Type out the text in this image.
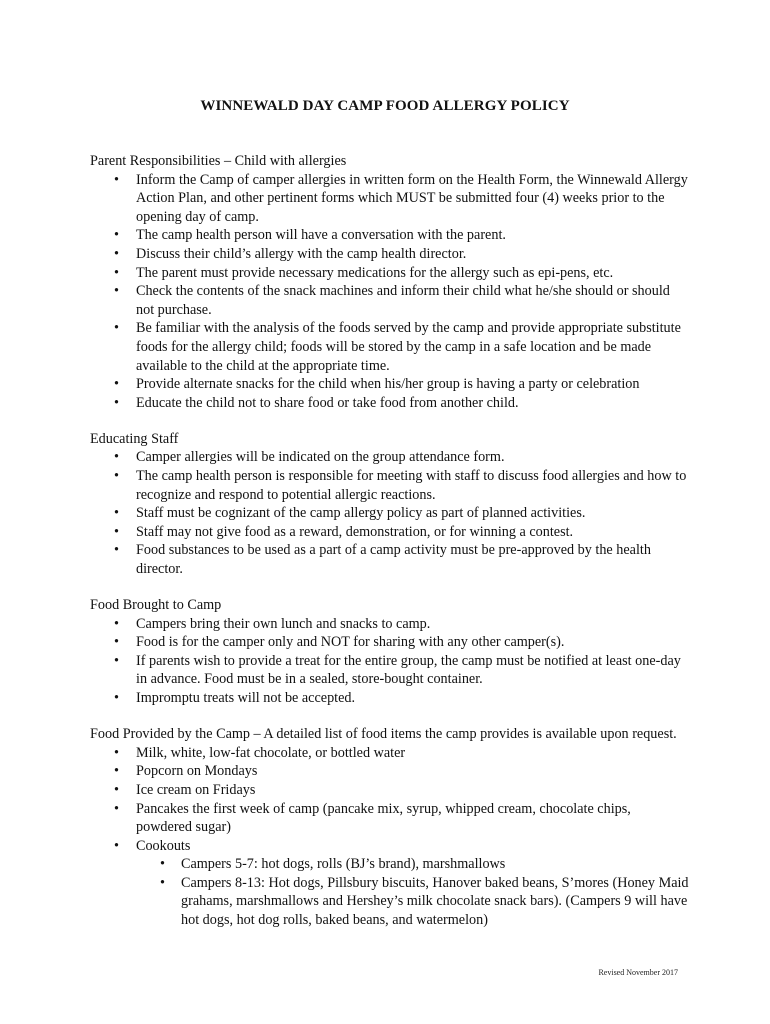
WINNEWALD DAY CAMP FOOD ALLERGY POLICY
Parent Responsibilities – Child with allergies
• Inform the Camp of camper allergies in written form on the Health Form, the Winnewald Allergy Action Plan, and other pertinent forms which MUST be submitted four (4) weeks prior to the opening day of camp.
• The camp health person will have a conversation with the parent.
• Discuss their child’s allergy with the camp health director.
• The parent must provide necessary medications for the allergy such as epi-pens, etc.
• Check the contents of the snack machines and inform their child what he/she should or should not purchase.
• Be familiar with the analysis of the foods served by the camp and provide appropriate substitute foods for the allergy child; foods will be stored by the camp in a safe location and be made available to the child at the appropriate time.
• Provide alternate snacks for the child when his/her group is having a party or celebration
• Educate the child not to share food or take food from another child.
Educating Staff
• Camper allergies will be indicated on the group attendance form.
• The camp health person is responsible for meeting with staff to discuss food allergies and how to recognize and respond to potential allergic reactions.
• Staff must be cognizant of the camp allergy policy as part of planned activities.
• Staff may not give food as a reward, demonstration, or for winning a contest.
• Food substances to be used as a part of a camp activity must be pre-approved by the health director.
Food Brought to Camp
• Campers bring their own lunch and snacks to camp.
• Food is for the camper only and NOT for sharing with any other camper(s).
• If parents wish to provide a treat for the entire group, the camp must be notified at least one-day in advance. Food must be in a sealed, store-bought container.
• Impromptu treats will not be accepted.
Food Provided by the Camp – A detailed list of food items the camp provides is available upon request.
• Milk, white, low-fat chocolate, or bottled water
• Popcorn on Mondays
• Ice cream on Fridays
• Pancakes the first week of camp (pancake mix, syrup, whipped cream, chocolate chips, powdered sugar)
• Cookouts
• Campers 5-7: hot dogs, rolls (BJ’s brand), marshmallows
• Campers 8-13: Hot dogs, Pillsbury biscuits, Hanover baked beans, S’mores (Honey Maid grahams, marshmallows and Hershey’s milk chocolate snack bars). (Campers 9 will have hot dogs, hot dog rolls, baked beans, and watermelon)
Revised November 2017
